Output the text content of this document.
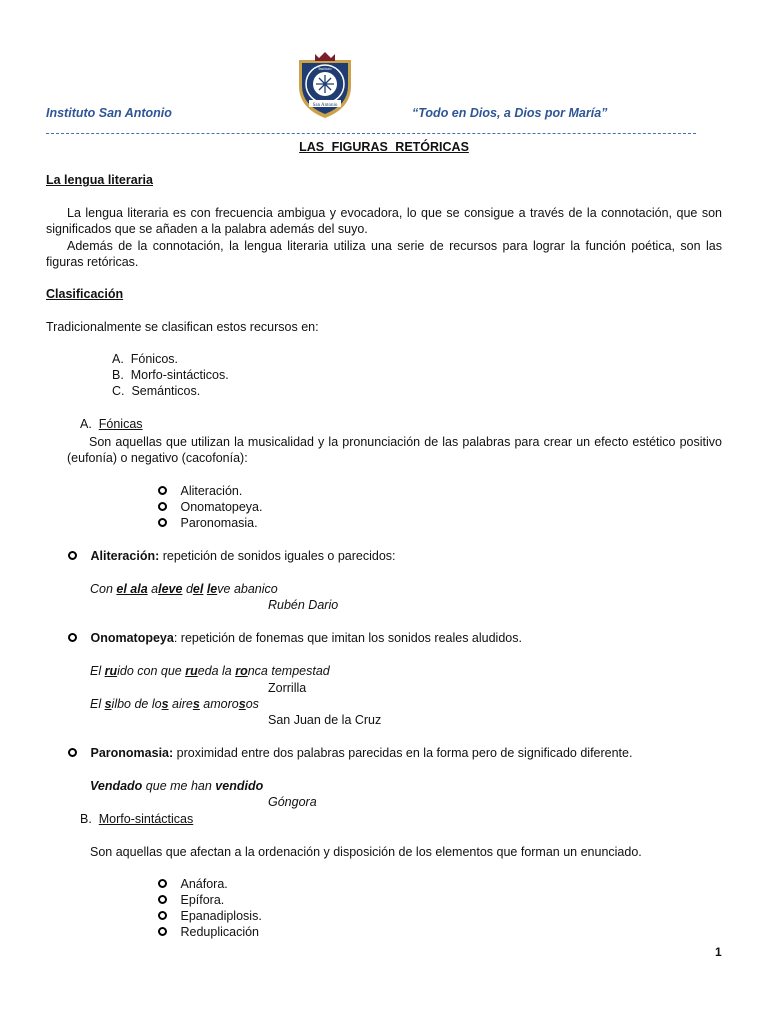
Instituto San Antonio	“Todo en Dios, a Dios por María”
San Antonio
Instituto
LAS FIGURAS RETÓRICAS
La lengua literaria
La lengua literaria es con frecuencia ambigua y evocadora, lo que se consigue a través de la connotación, que son significados que se añaden a la palabra además del suyo.
Además de la connotación, la lengua literaria utiliza una serie de recursos para lograr la función poética, son las figuras retóricas.
Clasificación
Tradicionalmente se clasifican estos recursos en:
A.  Fónicos.
B.  Morfo-sintácticos.
C.  Semánticos.
A. Fónicas
Son aquellas que utilizan la musicalidad y la pronunciación de las palabras para crear un efecto estético positivo (eufonía) o negativo (cacofonía):
Aliteración.
Onomatopeya.
Paronomasia.
Aliteración: repetición de sonidos iguales o parecidos:
Con el ala aleve del leve abanico
Rubén Dario
Onomatopeya: repetición de fonemas que imitan los sonidos reales aludidos.
El ruido con que rueda la ronca tempestad
Zorrilla
El silbo de los aires amorosos
San Juan de la Cruz
Paronomasia: proximidad entre dos palabras parecidas en la forma pero de significado diferente.
Vendado que me han vendido
Góngora
B. Morfo-sintácticas
Son aquellas que afectan a la ordenación y disposición de los elementos que forman un enunciado.
Anáfora.
Epífora.
Epanadiplosis.
Reduplicación
1
